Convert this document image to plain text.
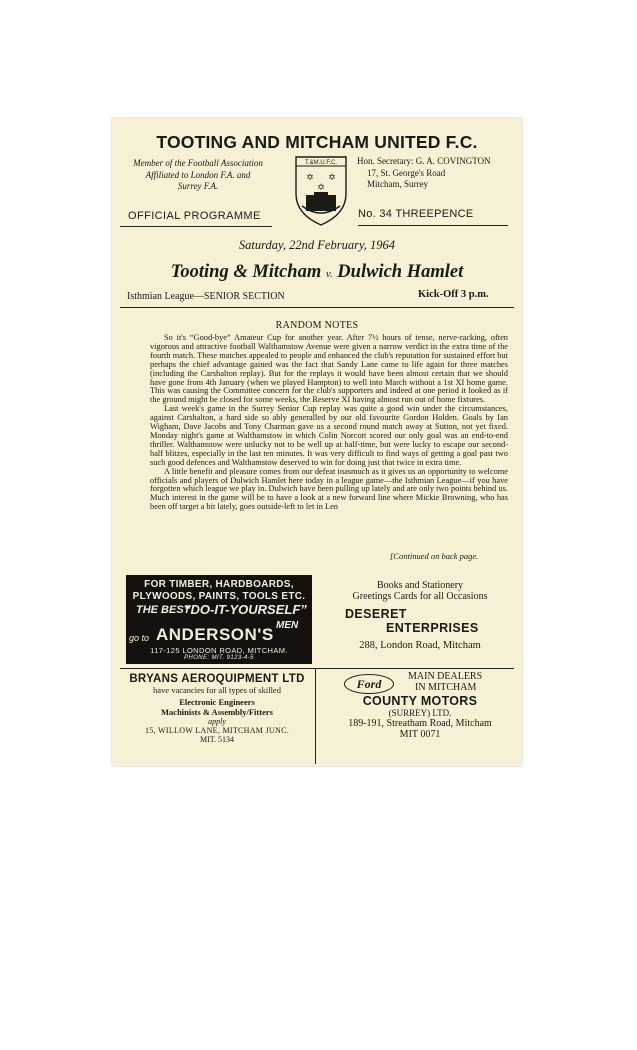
TOOTING AND MITCHAM UNITED F.C.
Member of the Football Association
Affiliated to London F.A. and
Surrey F.A.
T.&M.U.F.C.
✡ ✡
✡
Hon. Secretary: G. A. COVINGTON
17, St. George's Road
Mitcham, Surrey
OFFICIAL PROGRAMME	No. 34 THREEPENCE
Saturday, 22nd February, 1964
Tooting & Mitcham v. Dulwich Hamlet
Isthmian League—SENIOR SECTION	Kick-Off 3 p.m.
RANDOM NOTES

So it's “Good-bye” Amateur Cup for another year. After 7½ hours of tense, nerve-racking, often vigorous and attractive football Walthamstow Avenue were given a narrow verdict in the extra time of the fourth match. These matches appealed to people and enhanced the club's reputation for sustained effort but perhaps the chief advantage gained was the fact that Sandy Lane came to life again for three matches (including the Carshalton replay). But for the replays it would have been almost certain that we should have gone from 4th January (when we played Hampton) to well into March without a 1st XI home game. This was causing the Committee concern for the club's supporters and indeed at one period it looked as if the ground might be closed for some weeks, the Reserve XI having almost run out of home fixtures.

Last week's game in the Surrey Senior Cup replay was quite a good win under the circumstances, against Carshalton, a hard side so ably generalled by our old favourite Gordon Holden. Goals by Ian Wigham, Dave Jacobs and Tony Charman gave us a second round match away at Sutton, not yet fixed. Monday night's game at Walthamstow in which Colin Norcott scored our only goal was an end-to-end thriller. Walthamstow were unlucky not to be well up at half-time, but were lucky to escape our second-half blitzes, especially in the last ten minutes. It was very difficult to find ways of getting a goal past two such good defences and Walthamstow deserved to win for doing just that twice in extra time.

A little benefit and pleasure comes from our defeat inasmuch as it gives us an opportunity to welcome officials and players of Dulwich Hamlet here today in a league game—the Isthmian League—if you have forgotten which league we play in. Dulwich have been pulling up lately and are only two points behind us. Much interest in the game will be to have a look at a new forward line where Mickie Browning, who has been off target a bit lately, goes outside-left to let in Len

[Continued on back page.
FOR TIMBER, HARDBOARDS,
PLYWOODS, PAINTS, TOOLS ETC.
THE BEST
“DO-IT-YOURSELF”
MEN
go to ANDERSON'S
117-125 LONDON ROAD, MITCHAM.
PHONE: MIT. 9123-4-5
Books and Stationery
Greetings Cards for all Occasions
DESERET
ENTERPRISES
288, London Road, Mitcham
BRYANS AEROQUIPMENT LTD
have vacancies for all types of skilled
Electronic Engineers
Machinists & Assembly/Fitters
apply
15, WILLOW LANE, MITCHAM JUNC.
MIT. 5134
Ford
MAIN DEALERS
IN MITCHAM
COUNTY MOTORS
(SURREY) LTD.
189-191, Streatham Road, Mitcham
MIT 0071
